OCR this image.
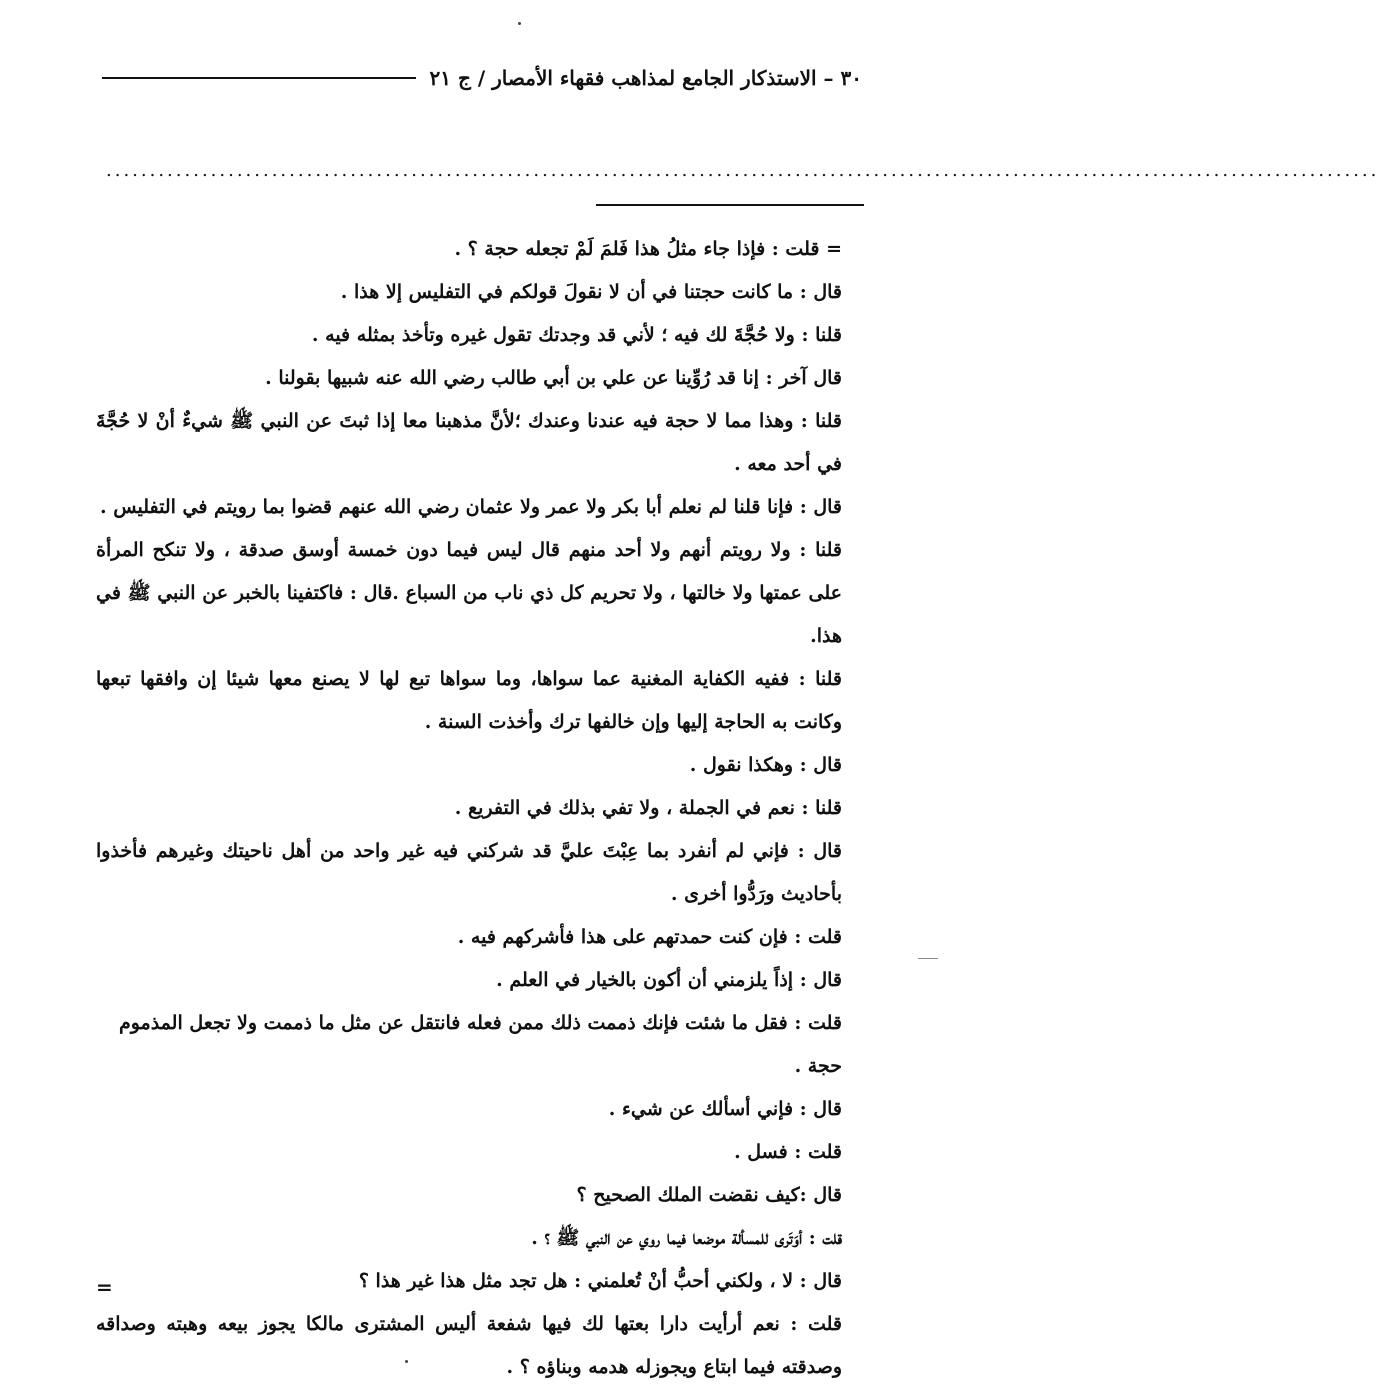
٣٠ – الاستذكار الجامع لمذاهب فقهاء الأمصار / ج ٢١
..................................................................................................................................................

= قلت : فإذا جاء مثلُ هذا فَلمَ لَمْ تجعله حجة ؟ .

قال : ما كانت حجتنا في أن لا نقولَ قولكم في التفليس إلا هذا .

قلنا : ولا حُجَّةَ لك فيه ؛ لأني قد وجدتك تقول غيره وتأخذ بمثله فيه .

قال آخر : إنا قد رُوِّينا عن علي بن أبي طالب رضي الله عنه شبيها بقولنا .

قلنا : وهذا مما لا حجة فيه عندنا وعندك ؛لأنَّ مذهبنا معا إذا ثبتَ عن النبي ﷺ شيءٌ أنْ لا حُجَّةَ في أحد معه .

قال : فإنا قلنا لم نعلم أبا بكر ولا عمر ولا عثمان رضي الله عنهم قضوا بما رويتم في التفليس .

قلنا : ولا رويتم أنهم ولا أحد منهم قال ليس فيما دون خمسة أوسق صدقة ، ولا تنكح المرأة على عمتها ولا خالتها ، ولا تحريم كل ذي ناب من السباع .قال : فاكتفينا بالخبر عن النبي ﷺ في هذا.

قلنا : ففيه الكفاية المغنية عما سواها، وما سواها تبع لها لا يصنع معها شيئا إن وافقها تبعها وكانت به الحاجة إليها وإن خالفها ترك وأخذت السنة .

قال : وهكذا نقول .

قلنا : نعم في الجملة ، ولا تفي بذلك في التفريع .

قال : فإني لم أنفرد بما عِبْتَ عليَّ قد شركني فيه غير واحد من أهل ناحيتك وغيرهم فأخذوا بأحاديث ورَدُّوا أخرى .

قلت : فإن كنت حمدتهم على هذا فأشركهم فيه .

قال : إذاً يلزمني أن أكون بالخيار في العلم .

قلت : فقل ما شئت فإنك ذممت ذلك ممن فعله فانتقل عن مثل ما ذممت ولا تجعل المذموم حجة .

قال : فإني أسألك عن شيء .

قلت : فسل .

قال :كيف نقضت الملك الصحيح ؟

قلت : أوَتَرى للمسألة موضعا فيما روي عن النبي ﷺ ؟ .

قال : لا ، ولكني أحبُّ أنْ تُعلمني : هل تجد مثل هذا غير هذا ؟

قلت : نعم أرأيت دارا بعتها لك فيها شفعة أليس المشترى مالكا يجوز بيعه وهبته وصداقه وصدقته فيما ابتاع ويجوزله هدمه وبناؤه ؟ .

=
